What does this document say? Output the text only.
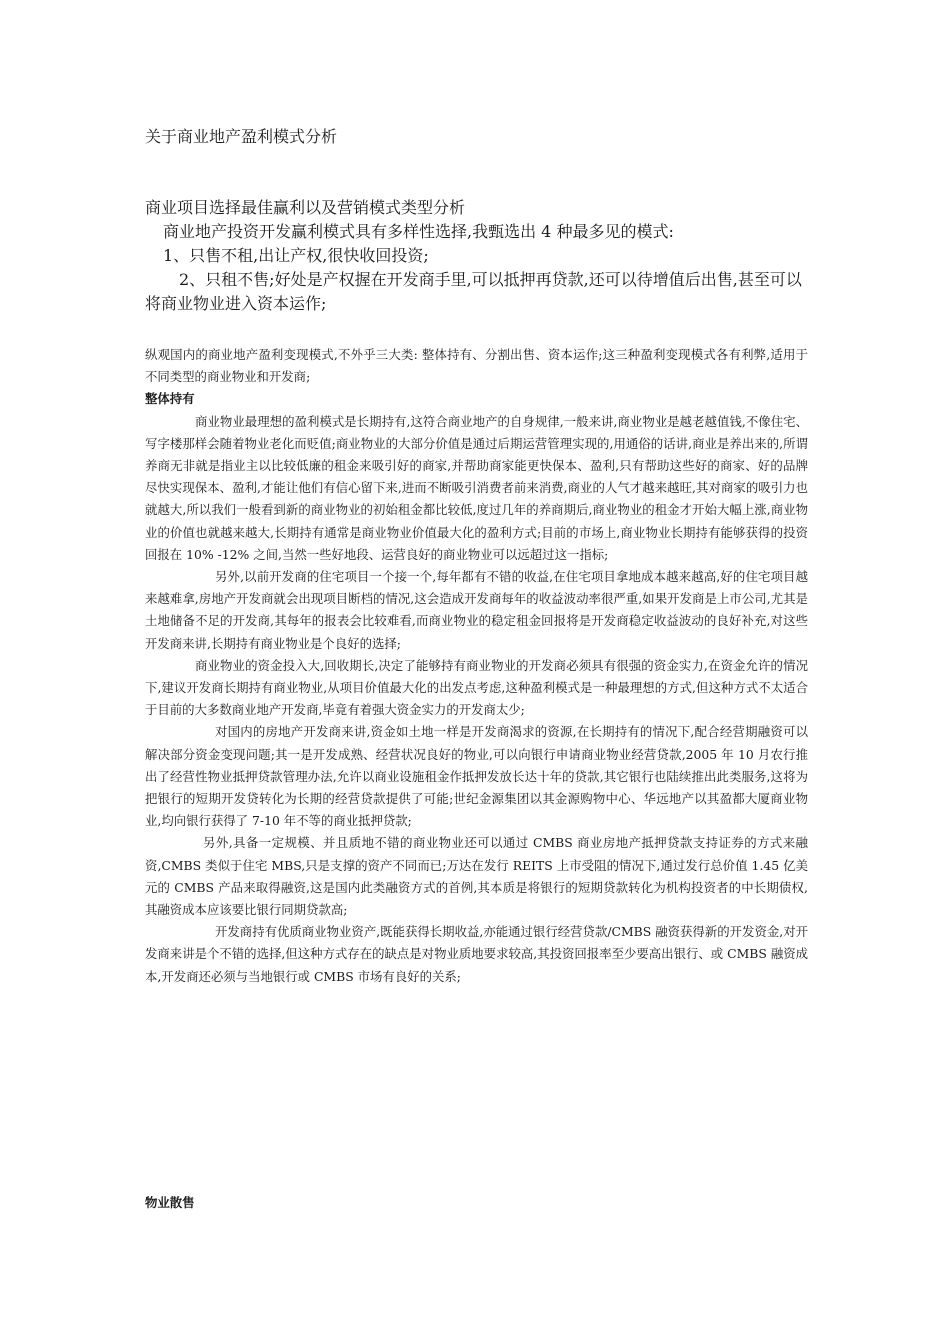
关于商业地产盈利模式分析

商业项目选择最佳赢利以及营销模式类型分析

商业地产投资开发赢利模式具有多样性选择,我甄选出 4 种最多见的模式:

1、只售不租,出让产权,很快收回投资;

2、只租不售;好处是产权握在开发商手里,可以抵押再贷款,还可以待增值后出售,甚至可以将商业物业进入资本运作;

纵观国内的商业地产盈利变现模式,不外乎三大类: 整体持有、分割出售、资本运作;这三种盈利变现模式各有利弊,适用于不同类型的商业物业和开发商;

整体持有

商业物业最理想的盈利模式是长期持有,这符合商业地产的自身规律,一般来讲,商业物业是越老越值钱,不像住宅、写字楼那样会随着物业老化而贬值;商业物业的大部分价值是通过后期运营管理实现的,用通俗的话讲,商业是养出来的,所谓养商无非就是指业主以比较低廉的租金来吸引好的商家,并帮助商家能更快保本、盈利,只有帮助这些好的商家、好的品牌尽快实现保本、盈利,才能让他们有信心留下来,进而不断吸引消费者前来消费,商业的人气才越来越旺,其对商家的吸引力也就越大,所以我们一般看到新的商业物业的初始租金都比较低,度过几年的养商期后,商业物业的租金才开始大幅上涨,商业物业的价值也就越来越大,长期持有通常是商业物业价值最大化的盈利方式;目前的市场上,商业物业长期持有能够获得的投资回报在 10% -12% 之间,当然一些好地段、运营良好的商业物业可以远超过这一指标;

另外,以前开发商的住宅项目一个接一个,每年都有不错的收益,在住宅项目拿地成本越来越高,好的住宅项目越来越难拿,房地产开发商就会出现项目断档的情况,这会造成开发商每年的收益波动率很严重,如果开发商是上市公司,尤其是土地储备不足的开发商,其每年的报表会比较难看,而商业物业的稳定租金回报将是开发商稳定收益波动的良好补充,对这些开发商来讲,长期持有商业物业是个良好的选择;

商业物业的资金投入大,回收期长,决定了能够持有商业物业的开发商必须具有很强的资金实力,在资金允许的情况下,建议开发商长期持有商业物业,从项目价值最大化的出发点考虑,这种盈利模式是一种最理想的方式,但这种方式不太适合于目前的大多数商业地产开发商,毕竟有着强大资金实力的开发商太少;

对国内的房地产开发商来讲,资金如土地一样是开发商渴求的资源,在长期持有的情况下,配合经营期融资可以解决部分资金变现问题;其一是开发成熟、经营状况良好的物业,可以向银行申请商业物业经营贷款,2005 年 10 月农行推出了经营性物业抵押贷款管理办法,允许以商业设施租金作抵押发放长达十年的贷款,其它银行也陆续推出此类服务,这将为把银行的短期开发贷转化为长期的经营贷款提供了可能;世纪金源集团以其金源购物中心、华远地产以其盈都大厦商业物业,均向银行获得了 7-10 年不等的商业抵押贷款;

另外,具备一定规模、并且质地不错的商业物业还可以通过 CMBS 商业房地产抵押贷款支持证券的方式来融资,CMBS 类似于住宅 MBS,只是支撑的资产不同而已;万达在发行 REITS 上市受阻的情况下,通过发行总价值 1.45 亿美元的 CMBS 产品来取得融资,这是国内此类融资方式的首例,其本质是将银行的短期贷款转化为机构投资者的中长期债权,其融资成本应该要比银行同期贷款高;

开发商持有优质商业物业资产,既能获得长期收益,亦能通过银行经营贷款/CMBS 融资获得新的开发资金,对开发商来讲是个不错的选择,但这种方式存在的缺点是对物业质地要求较高,其投资回报率至少要高出银行、或 CMBS 融资成本,开发商还必须与当地银行或 CMBS 市场有良好的关系;

物业散售
